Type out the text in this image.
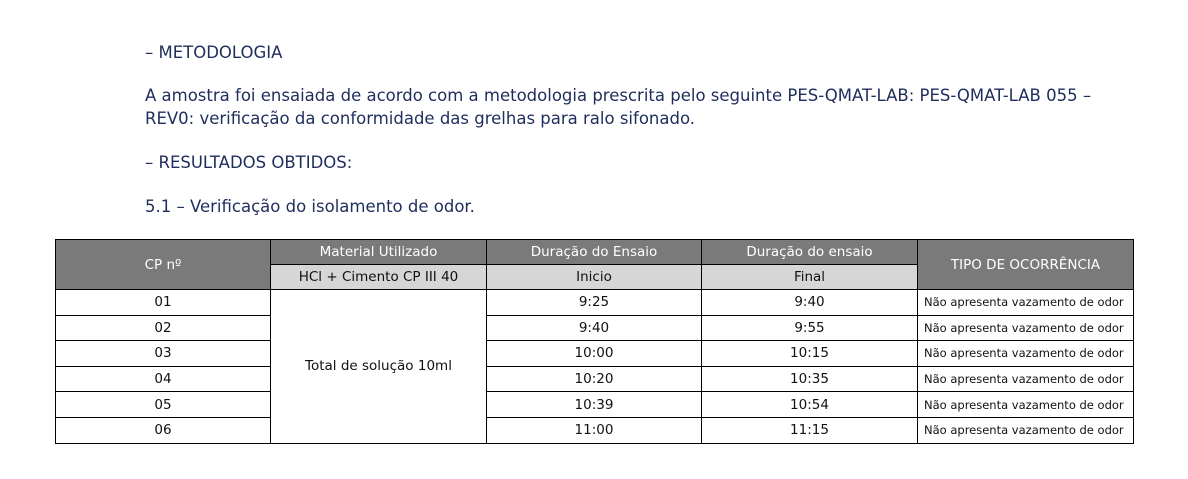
– METODOLOGIA
A amostra foi ensaiada de acordo com a metodologia prescrita pelo seguinte PES-QMAT-LAB: PES-QMAT-LAB 055 – REV0: verificação da conformidade das grelhas para ralo sifonado.
– RESULTADOS OBTIDOS:
5.1 – Verificação do isolamento de odor.
CP nº	Material Utilizado	Duração do Ensaio	Duração do ensaio	TIPO DE OCORRÊNCIA
	HCl + Cimento CP III 40	Inicio	Final	
01	Total de solução 10ml	9:25	9:40	Não apresenta vazamento de odor
02		9:40	9:55	Não apresenta vazamento de odor
03		10:00	10:15	Não apresenta vazamento de odor
04		10:20	10:35	Não apresenta vazamento de odor
05		10:39	10:54	Não apresenta vazamento de odor
06		11:00	11:15	Não apresenta vazamento de odor
